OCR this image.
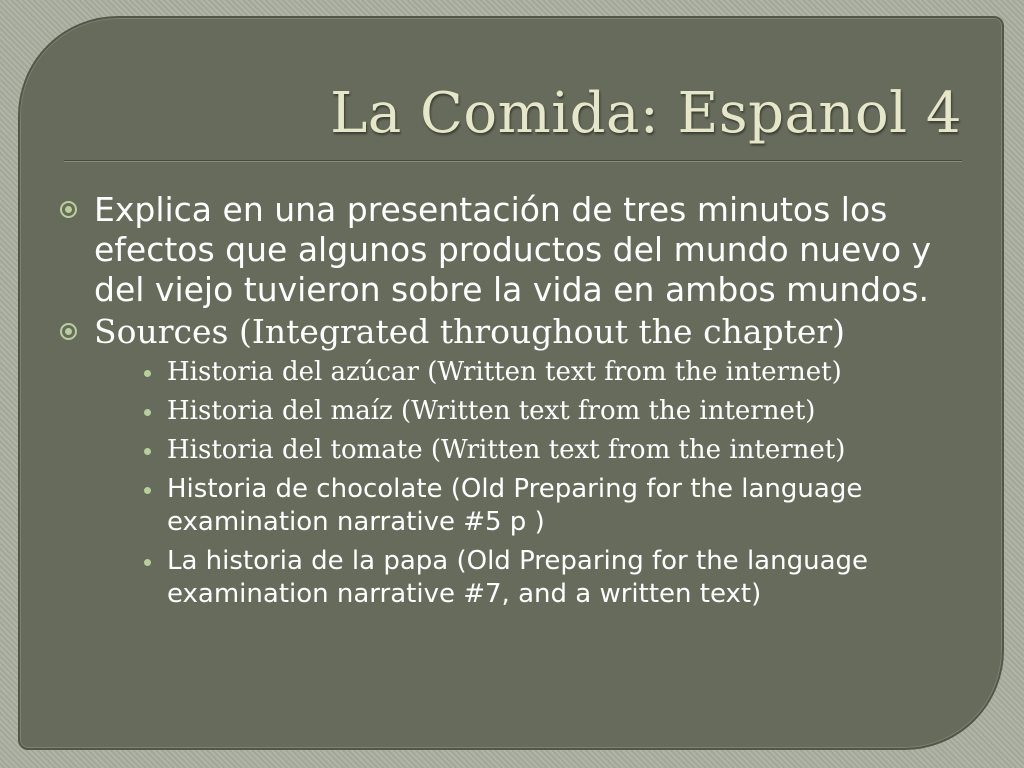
La Comida: Espanol 4
Explica en una presentación de tres minutos los efectos que algunos productos del mundo nuevo y del viejo tuvieron sobre la vida en ambos mundos.
Sources (Integrated throughout the chapter)
Historia del azúcar (Written text from the internet)
Historia del maíz (Written text from the internet)
Historia del tomate (Written text from the internet)
Historia de chocolate (Old Preparing for the language examination narrative #5 p )
La historia de la papa (Old Preparing for the language examination narrative #7, and a written text)
